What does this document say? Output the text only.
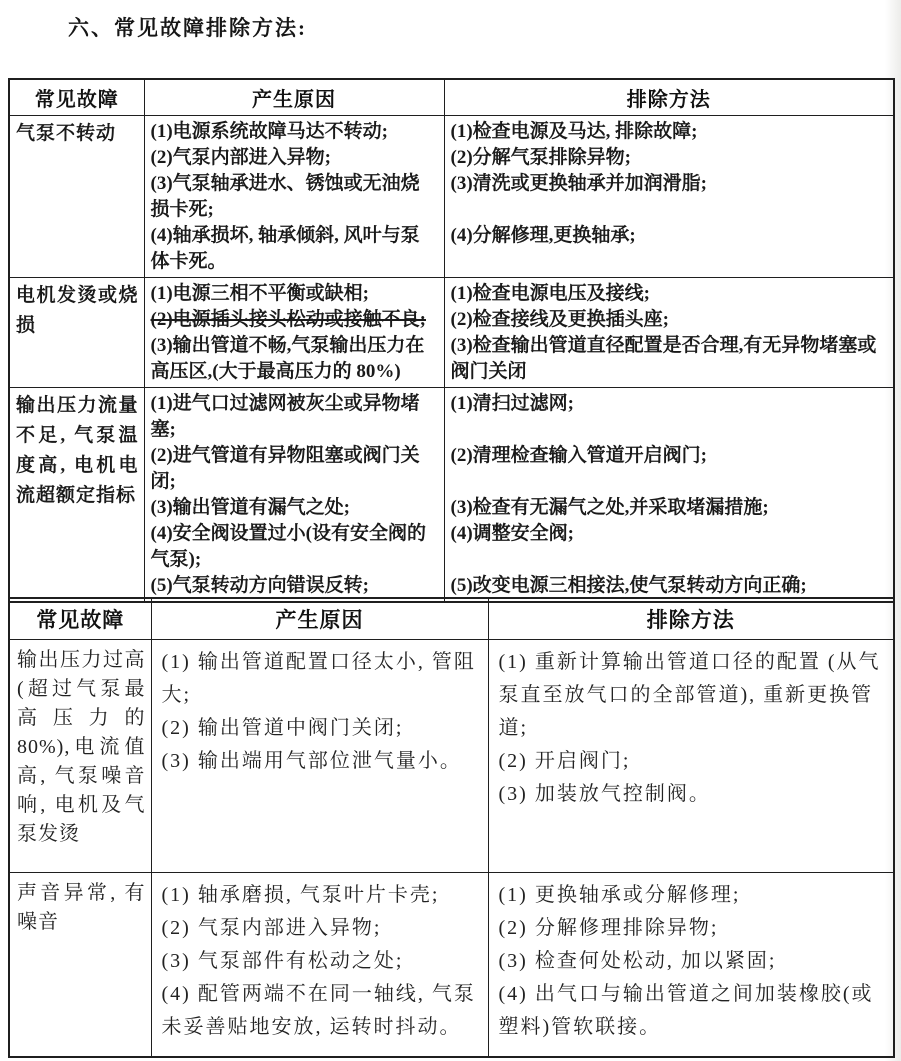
六、常见故障排除方法:
常见故障	产生原因	排除方法
气泵不转动	(1)电源系统故障马达不转动;
(2)气泵内部进入异物;
(3)气泵轴承进水、锈蚀或无油烧损卡死;
(4)轴承损坏, 轴承倾斜, 风叶与泵体卡死。	(1)检查电源及马达, 排除故障;
(2)分解气泵排除异物;
(3)清洗或更换轴承并加润滑脂;
(4)分解修理,更换轴承;

电机发烫或烧损	(1)电源三相不平衡或缺相;
(2)电源插头接头松动或接触不良;
(3)输出管道不畅,气泵输出压力在高压区,(大于最高压力的 80%)	(1)检查电源电压及接线;
(2)检查接线及更换插头座;
(3)检查输出管道直径配置是否合理,有无异物堵塞或阀门关闭

输出压力流量不足, 气泵温度高, 电机电流超额定指标	(1)进气口过滤网被灰尘或异物堵塞;
(2)进气管道有异物阻塞或阀门关闭;
(3)输出管道有漏气之处;
(4)安全阀设置过小(设有安全阀的气泵);
(5)气泵转动方向错误反转;	(1)清扫过滤网;
(2)清理检查输入管道开启阀门;
(3)检查有无漏气之处,并采取堵漏措施;
(4)调整安全阀;
(5)改变电源三相接法,使气泵转动方向正确;
常见故障	产生原因	排除方法
输出压力过高 (超过气泵最高压力的 80%),电流值高, 气泵噪音响, 电机及气泵发烫	(1) 输出管道配置口径太小, 管阻大;
(2) 输出管道中阀门关闭;
(3) 输出端用气部位泄气量小。	(1) 重新计算输出管道口径的配置 (从气泵直至放气口的全部管道), 重新更换管道;
(2) 开启阀门;
(3) 加装放气控制阀。

声音异常, 有噪音	(1) 轴承磨损, 气泵叶片卡壳;
(2) 气泵内部进入异物;
(3) 气泵部件有松动之处;
(4) 配管两端不在同一轴线, 气泵未妥善贴地安放, 运转时抖动。	(1) 更换轴承或分解修理;
(2) 分解修理排除异物;
(3) 检查何处松动, 加以紧固;
(4) 出气口与输出管道之间加装橡胶(或塑料)管软联接。
